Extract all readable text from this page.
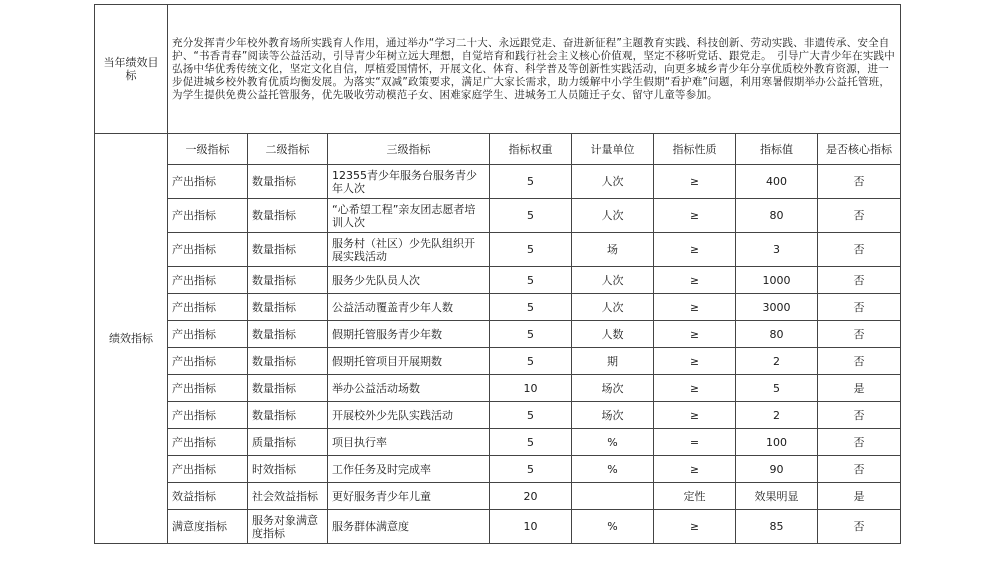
当年绩效目标	充分发挥青少年校外教育场所实践育人作用，通过举办“学习二十大、永远跟党走、奋进新征程”主题教育实践、科技创新、劳动实践、非遗传承、安全自护、“书香青春”阅读等公益活动，引导青少年树立远大理想，自觉培育和践行社会主义核心价值观，坚定不移听党话、跟党走。　引导广大青少年在实践中弘扬中华优秀传统文化，坚定文化自信，厚植爱国情怀，开展文化、体育、科学普及等创新性实践活动，向更多城乡青少年分享优质校外教育资源，进一步促进城乡校外教育优质均衡发展。为落实“双减”政策要求，满足广大家长需求，助力缓解中小学生假期“看护难”问题，利用寒暑假期举办公益托管班，为学生提供免费公益托管服务，优先吸收劳动模范子女、困难家庭学生、进城务工人员随迁子女、留守儿童等参加。							
绩效指标	一级指标	二级指标	三级指标	指标权重	计量单位	指标性质	指标值	是否核心指标
	产出指标	数量指标	12355青少年服务台服务青少年人次	5	人次	≥	400	否
	产出指标	数量指标	“心希望工程”亲友团志愿者培训人次	5	人次	≥	80	否
	产出指标	数量指标	服务村（社区）少先队组织开展实践活动	5	场	≥	3	否
	产出指标	数量指标	服务少先队员人次	5	人次	≥	1000	否
	产出指标	数量指标	公益活动覆盖青少年人数	5	人次	≥	3000	否
	产出指标	数量指标	假期托管服务青少年数	5	人数	≥	80	否
	产出指标	数量指标	假期托管项目开展期数	5	期	≥	2	否
	产出指标	数量指标	举办公益活动场数	10	场次	≥	5	是
	产出指标	数量指标	开展校外少先队实践活动	5	场次	≥	2	否
	产出指标	质量指标	项目执行率	5	%	=	100	否
	产出指标	时效指标	工作任务及时完成率	5	%	≥	90	否
	效益指标	社会效益指标	更好服务青少年儿童	20		定性	效果明显	是
	满意度指标	服务对象满意度指标	服务群体满意度	10	%	≥	85	否
